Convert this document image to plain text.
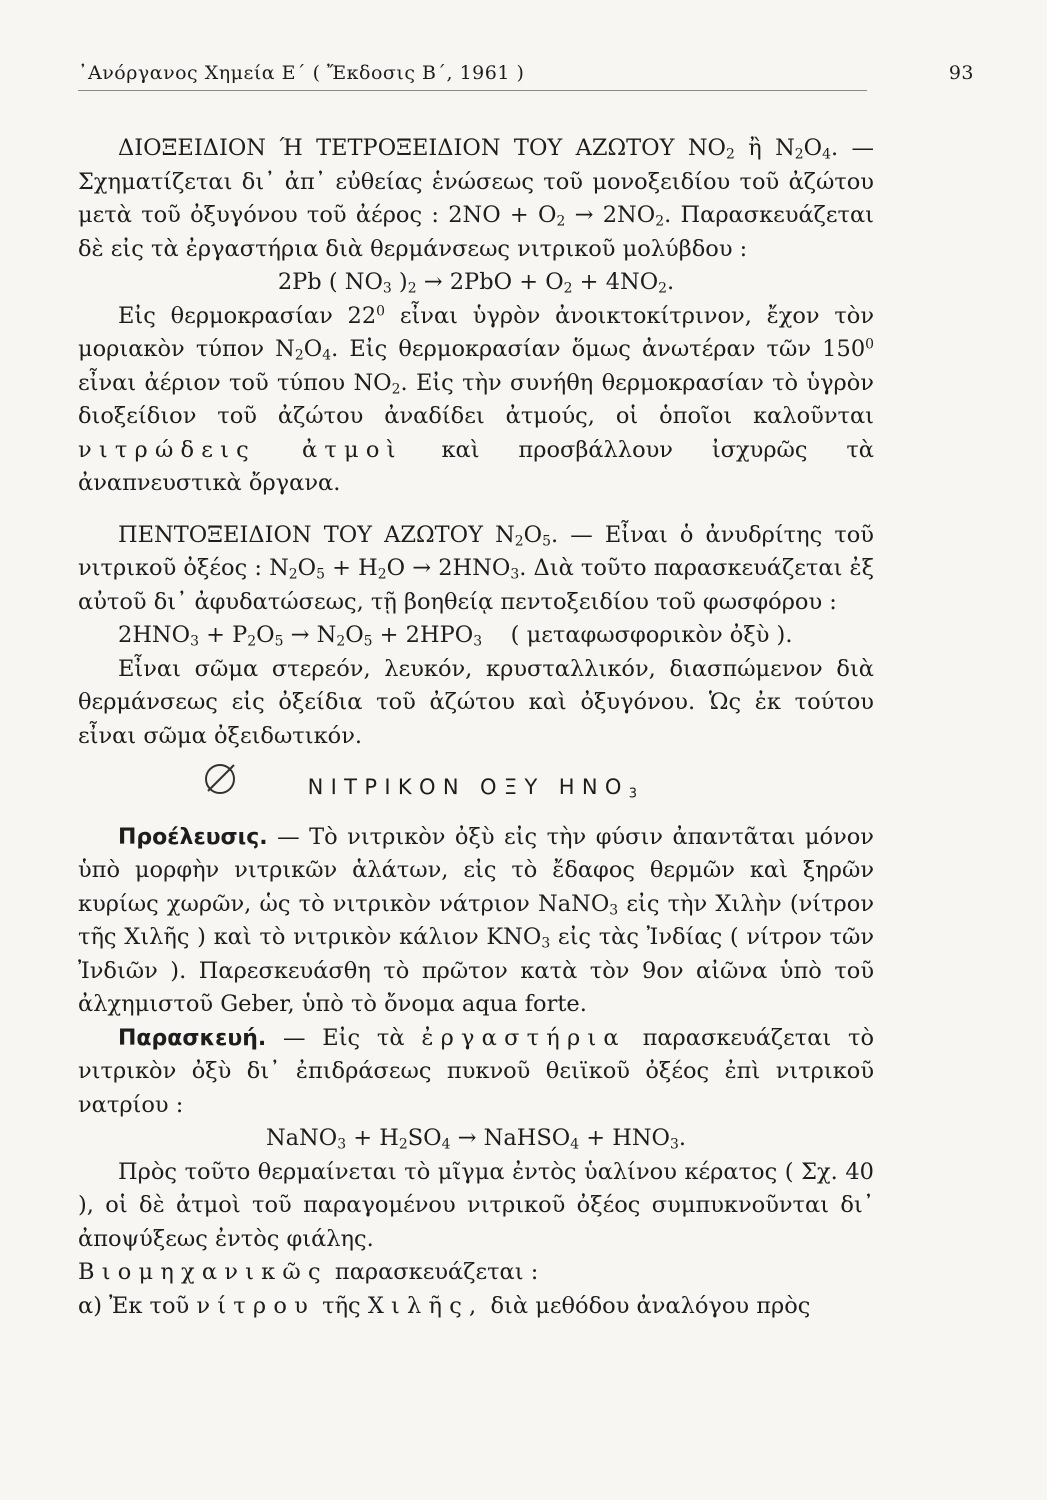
᾿Ανόργανος Χημεία Ε΄ ( Ἔκδοσις Β΄, 1961 )	93

ΔΙΟΞΕΙΔΙΟΝ Ή ΤΕΤΡΟΞΕΙΔΙΟΝ ΤΟΥ ΑΖΩΤΟΥ $NO_2$ ἢ $N_2O_4$. — Σχηματίζεται δι᾿ ἀπ᾿ εὐθείας ἑνώσεως τοῦ μονοξειδίου τοῦ ἀζώτου μετὰ τοῦ ὀξυγόνου τοῦ ἀέρος : $2NO + O_2 \to 2NO_2$. Παρασκευάζεται δὲ εἰς τὰ ἐργαστήρια διὰ θερμάνσεως νιτρικοῦ μολύβδου :

2Pb ( $NO_3$ )$_2 \to 2PbO + O_2 + 4NO_2$.

Εἰς θερμοκρασίαν $22^0$ εἶναι ὑγρὸν ἀνοικτοκίτρινον, ἔχον τὸν μοριακὸν τύπον $N_2O_4$. Εἰς θερμοκρασίαν ὅμως ἀνωτέραν τῶν $150^0$ εἶναι ἀέριον τοῦ τύπου $NO_2$. Εἰς τὴν συνήθη θερμοκρασίαν τὸ ὑγρὸν διοξείδιον τοῦ ἀζώτου ἀναδίδει ἀτμούς, οἱ ὁποῖοι καλοῦνται νιτρώδεις ἀτμοὶ καὶ προσβάλλουν ἰσχυρῶς τὰ ἀναπνευστικὰ ὄργανα.

ΠΕΝΤΟΞΕΙΔΙΟΝ ΤΟΥ ΑΖΩΤΟΥ $N_2O_5$. — Εἶναι ὁ ἀνυδρίτης τοῦ νιτρικοῦ ὀξέος : $N_2O_5 + H_2O \to 2HNO_3$. Διὰ τοῦτο παρασκευάζεται ἐξ αὐτοῦ δι᾿ ἀφυδατώσεως, τῇ βοηθείᾳ πεντοξειδίου τοῦ φωσφόρου :

$2HNO_3 + P_2O_5 \to N_2O_5 + 2HPO_3$    ( μεταφωσφορικὸν ὀξὺ ).

Εἶναι σῶμα στερεόν, λευκόν, κρυσταλλικόν, διασπώμενον διὰ θερμάνσεως εἰς ὀξείδια τοῦ ἀζώτου καὶ ὀξυγόνου. Ὡς ἐκ τούτου εἶναι σῶμα ὀξειδωτικόν.

ΝΙΤΡΙΚΟΝ ΟΞΥ $HNO_3$

Προέλευσις. — Τὸ νιτρικὸν ὀξὺ εἰς τὴν φύσιν ἀπαντᾶται μόνον ὑπὸ μορφὴν νιτρικῶν ἁλάτων, εἰς τὸ ἔδαφος θερμῶν καὶ ξηρῶν κυρίως χωρῶν, ὡς τὸ νιτρικὸν νάτριον NaNO$_3$ εἰς τὴν Χιλὴν (νίτρον τῆς Χιλῆς ) καὶ τὸ νιτρικὸν κάλιον $KNO_3$ εἰς τὰς Ἰνδίας ( νίτρον τῶν Ἰνδιῶν ). Παρεσκευάσθη τὸ πρῶτον κατὰ τὸν 9ον αἰῶνα ὑπὸ τοῦ ἀλχημιστοῦ Geber, ὑπὸ τὸ ὄνομα aqua forte.

Παρασκευή. — Εἰς τὰ ἐργαστήρια παρασκευάζεται τὸ νιτρικὸν ὀξὺ δι᾿ ἐπιδράσεως πυκνοῦ θειϊκοῦ ὀξέος ἐπὶ νιτρικοῦ νατρίου :

NaNO$_3$ + $H_2SO_4$ → NaHSO$_4$ + $HNO_3$.

Πρὸς τοῦτο θερμαίνεται τὸ μῖγμα ἐντὸς ὑαλίνου κέρατος ( Σχ. 40 ), οἱ δὲ ἀτμοὶ τοῦ παραγομένου νιτρικοῦ ὀξέος συμπυκνοῦνται δι᾿ ἀποψύξεως ἐντὸς φιάλης.

Βιομηχανικῶς παρασκευάζεται :

α) Ἐκ τοῦ νίτρου τῆς Χιλῆς, διὰ μεθόδου ἀναλόγου πρὸς
